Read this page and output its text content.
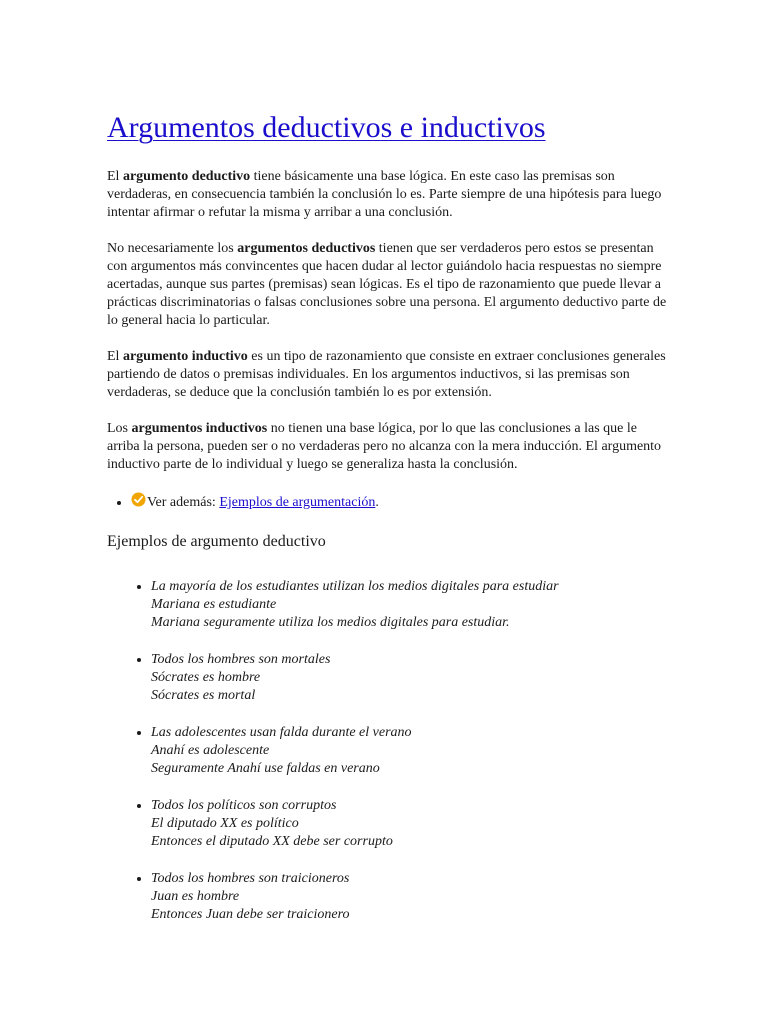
Argumentos deductivos e inductivos

El argumento deductivo tiene básicamente una base lógica. En este caso las premisas son verdaderas, en consecuencia también la conclusión lo es. Parte siempre de una hipótesis para luego intentar afirmar o refutar la misma y arribar a una conclusión.

No necesariamente los argumentos deductivos tienen que ser verdaderos pero estos se presentan con argumentos más convincentes que hacen dudar al lector guiándolo hacia respuestas no siempre acertadas, aunque sus partes (premisas) sean lógicas. Es el tipo de razonamiento que puede llevar a prácticas discriminatorias o falsas conclusiones sobre una persona. El argumento deductivo parte de lo general hacia lo particular.

El argumento inductivo es un tipo de razonamiento que consiste en extraer conclusiones generales partiendo de datos o premisas individuales. En los argumentos inductivos, si las premisas son verdaderas, se deduce que la conclusión también lo es por extensión.

Los argumentos inductivos no tienen una base lógica, por lo que las conclusiones a las que le arriba la persona, pueden ser o no verdaderas pero no alcanza con la mera inducción. El argumento inductivo parte de lo individual y luego se generaliza hasta la conclusión.

• Ver además: Ejemplos de argumentación.
Ejemplos de argumento deductivo
• La mayoría de los estudiantes utilizan los medios digitales para estudiar
Mariana es estudiante
Mariana seguramente utiliza los medios digitales para estudiar.
• Todos los hombres son mortales
Sócrates es hombre
Sócrates es mortal
• Las adolescentes usan falda durante el verano
Anahí es adolescente
Seguramente Anahí use faldas en verano
• Todos los políticos son corruptos
El diputado XX es político
Entonces el diputado XX debe ser corrupto
• Todos los hombres son traicioneros
Juan es hombre
Entonces Juan debe ser traicionero
